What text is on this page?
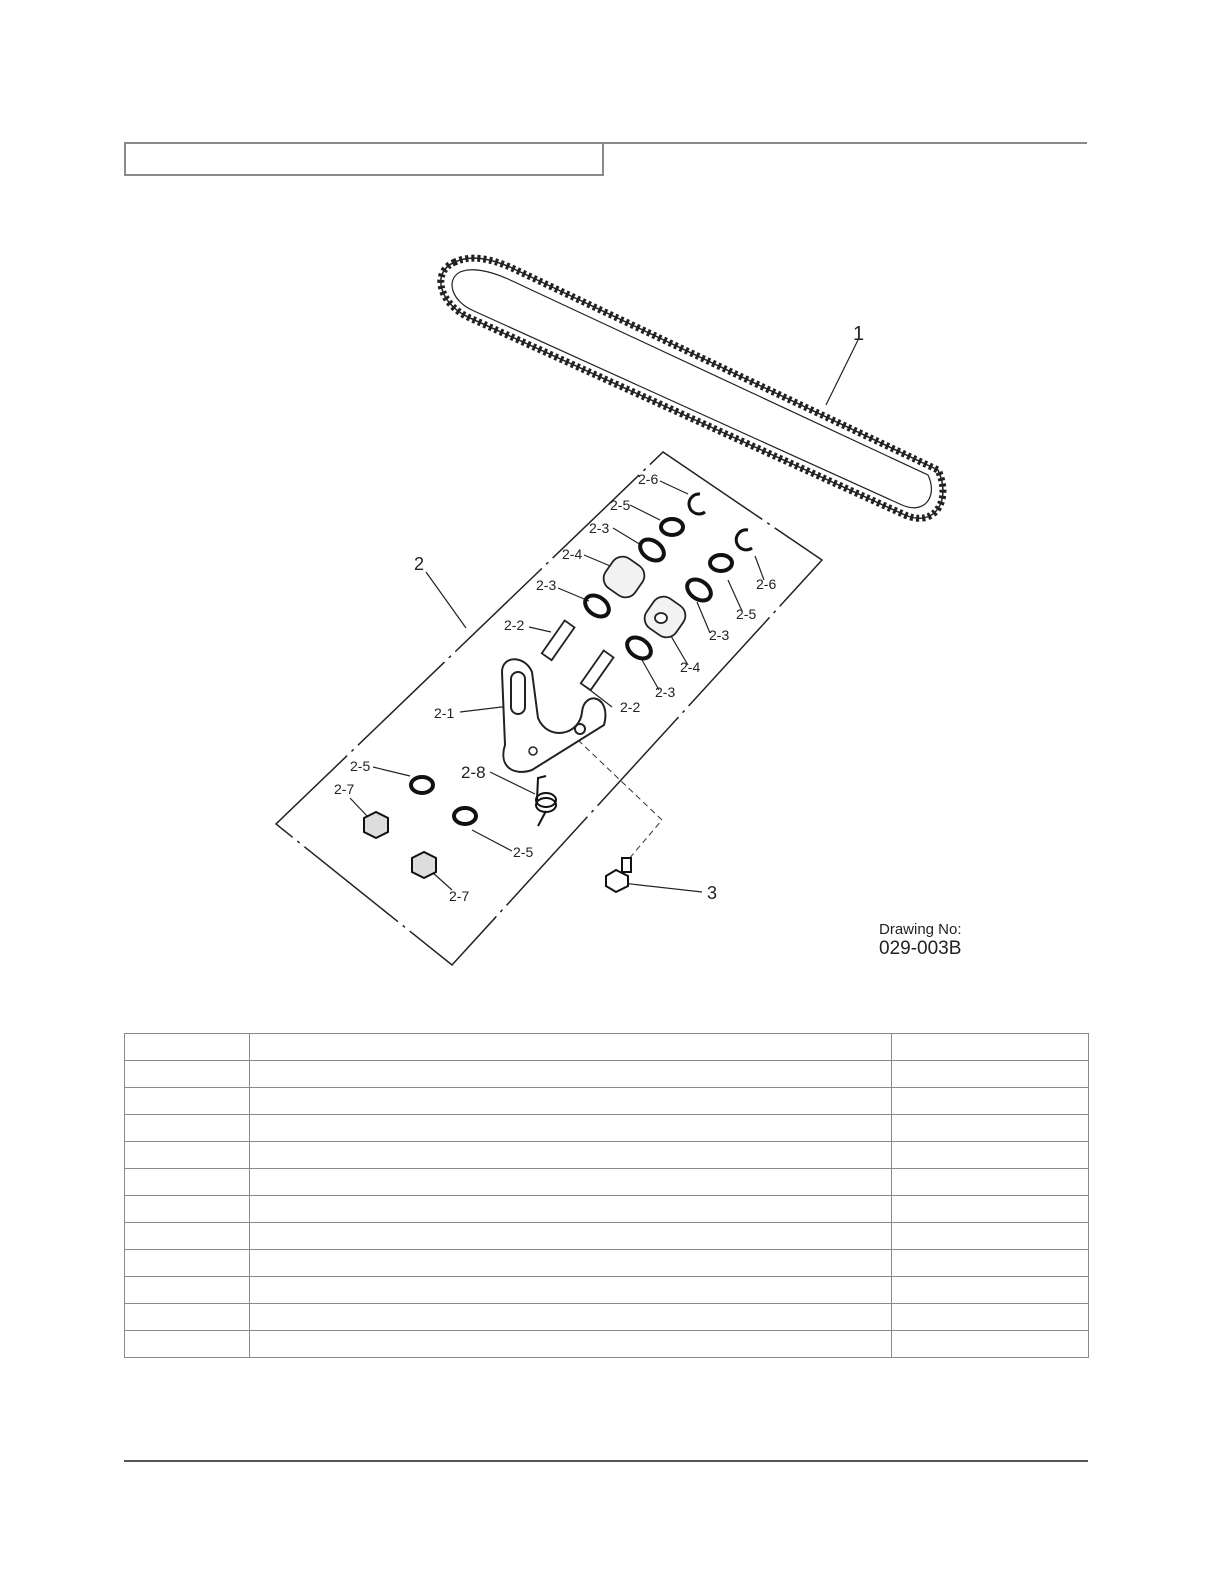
1
2
3
2-1
2-2
2-2
2-3
2-3
2-3
2-3
2-4
2-4
2-5
2-5
2-5
2-5
2-6
2-6
2-7
2-7
2-8
Drawing No:
029-003B
